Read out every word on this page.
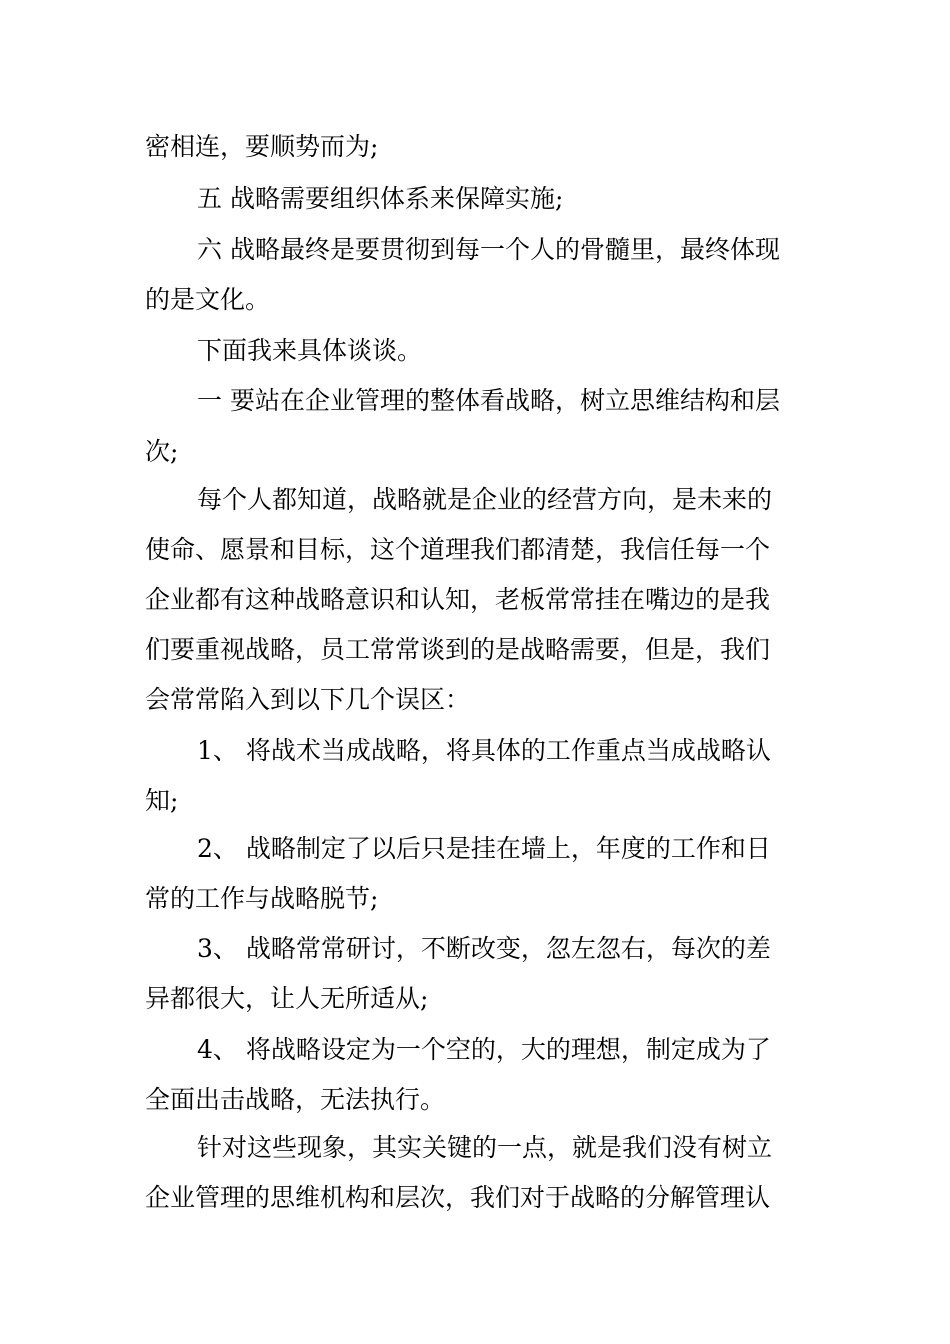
密相连，要顺势而为;
五 战略需要组织体系来保障实施;
六 战略最终是要贯彻到每一个人的骨髓里，最终体现
的是文化。
下面我来具体谈谈。
一 要站在企业管理的整体看战略，树立思维结构和层
次;
每个人都知道，战略就是企业的经营方向，是未来的
使命、愿景和目标，这个道理我们都清楚，我信任每一个
企业都有这种战略意识和认知，老板常常挂在嘴边的是我
们要重视战略，员工常常谈到的是战略需要，但是，我们
会常常陷入到以下几个误区：
1、 将战术当成战略，将具体的工作重点当成战略认
知;
2、 战略制定了以后只是挂在墙上，年度的工作和日
常的工作与战略脱节;
3、 战略常常研讨，不断改变，忽左忽右，每次的差
异都很大，让人无所适从;
4、 将战略设定为一个空的，大的理想，制定成为了
全面出击战略，无法执行。
针对这些现象，其实关键的一点，就是我们没有树立
企业管理的思维机构和层次，我们对于战略的分解管理认
